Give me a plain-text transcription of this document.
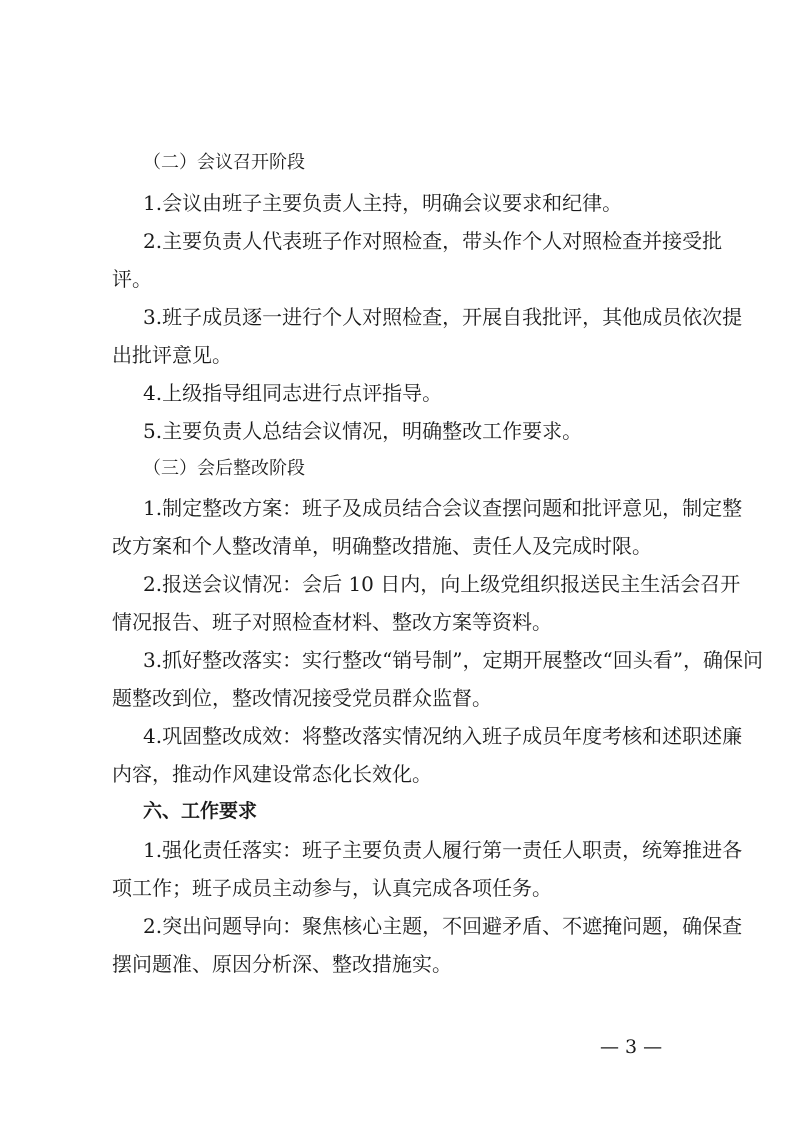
（二）会议召开阶段
1.会议由班子主要负责人主持，明确会议要求和纪律。
2.主要负责人代表班子作对照检查，带头作个人对照检查并接受批
评。
3.班子成员逐一进行个人对照检查，开展自我批评，其他成员依次提
出批评意见。
4.上级指导组同志进行点评指导。
5.主要负责人总结会议情况，明确整改工作要求。
（三）会后整改阶段
1.制定整改方案：班子及成员结合会议查摆问题和批评意见，制定整
改方案和个人整改清单，明确整改措施、责任人及完成时限。
2.报送会议情况：会后 10 日内，向上级党组织报送民主生活会召开
情况报告、班子对照检查材料、整改方案等资料。
3.抓好整改落实：实行整改“销号制”，定期开展整改“回头看”，确保问
题整改到位，整改情况接受党员群众监督。
4.巩固整改成效：将整改落实情况纳入班子成员年度考核和述职述廉
内容，推动作风建设常态化长效化。
六、工作要求
1.强化责任落实：班子主要负责人履行第一责任人职责，统筹推进各
项工作；班子成员主动参与，认真完成各项任务。
2.突出问题导向：聚焦核心主题，不回避矛盾、不遮掩问题，确保查
摆问题准、原因分析深、整改措施实。
— 3 —
